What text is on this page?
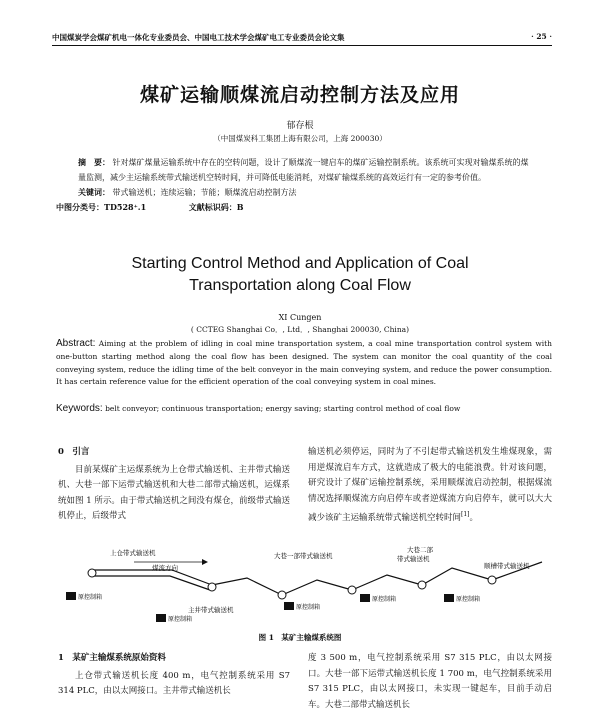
中国煤炭学会煤矿机电一体化专业委员会、中国电工技术学会煤矿电工专业委员会论文集	· 25 ·
煤矿运输顺煤流启动控制方法及应用
郁存根
（中国煤炭科工集团上海有限公司，上海 200030）
摘　要： 针对煤矿煤量运输系统中存在的空转问题，设计了顺煤流一键启车的煤矿运输控制系统。该系统可实现对输煤系统的煤量监测，减少主运输系统带式输送机空转时间，并可降低电能消耗，对煤矿输煤系统的高效运行有一定的参考价值。
关键词： 带式输送机；连续运输；节能；顺煤流启动控制方法
中图分类号：TD528⁺.1	文献标识码：B
Starting Control Method and Application of Coal
Transportation along Coal Flow
XI Cungen
( CCTEG Shanghai Co．, Ltd．, Shanghai 200030, China)
Abstract: Aiming at the problem of idling in coal mine transportation system, a coal mine transportation control system with one-button starting method along the coal flow has been designed. The system can monitor the coal quantity of the coal conveying system, reduce the idling time of the belt conveyor in the main conveying system, and reduce the power consumption. It has certain reference value for the efficient operation of the coal conveying system in coal mines.
Keywords: belt conveyor; continuous transportation; energy saving; starting control method of coal flow
0　引言
目前某煤矿主运煤系统为上仓带式输送机、主井带式输送机、大巷一部下运带式输送机和大巷二部带式输送机，运煤系统如图 1 所示。由于带式输送机之间没有煤仓，前级带式输送机停止，后级带式
输送机必须停运，同时为了不引起带式输送机发生堆煤现象，需用逆煤流启车方式，这就造成了极大的电能浪费。针对该问题，研究设计了煤矿运输控制系统，采用顺煤流启动控制，根据煤流情况选择顺煤流方向启停车或者逆煤流方向启停车，就可以大大减少该矿主运输系统带式输送机空转时间[1]。
上仓带式输送机
煤流方向
主井带式输送机
大巷一部带式输送机
大巷二部
带式输送机
顺槽带式输送机
原控制箱
原控制箱
原控制箱
原控制箱	原控制箱
图 1　某矿主输煤系统图
1　某矿主输煤系统原始资料
上仓带式输送机长度 400 m，电气控制系统采用 S7 314 PLC，由以太网接口。主井带式输送机长
度 3 500 m，电气控制系统采用 S7 315 PLC，由以太网接口。大巷一部下运带式输送机长度 1 700 m，电气控制系统采用 S7 315 PLC，由以太网接口，未实现一键起车，目前手动启车。大巷二部带式输送机长
